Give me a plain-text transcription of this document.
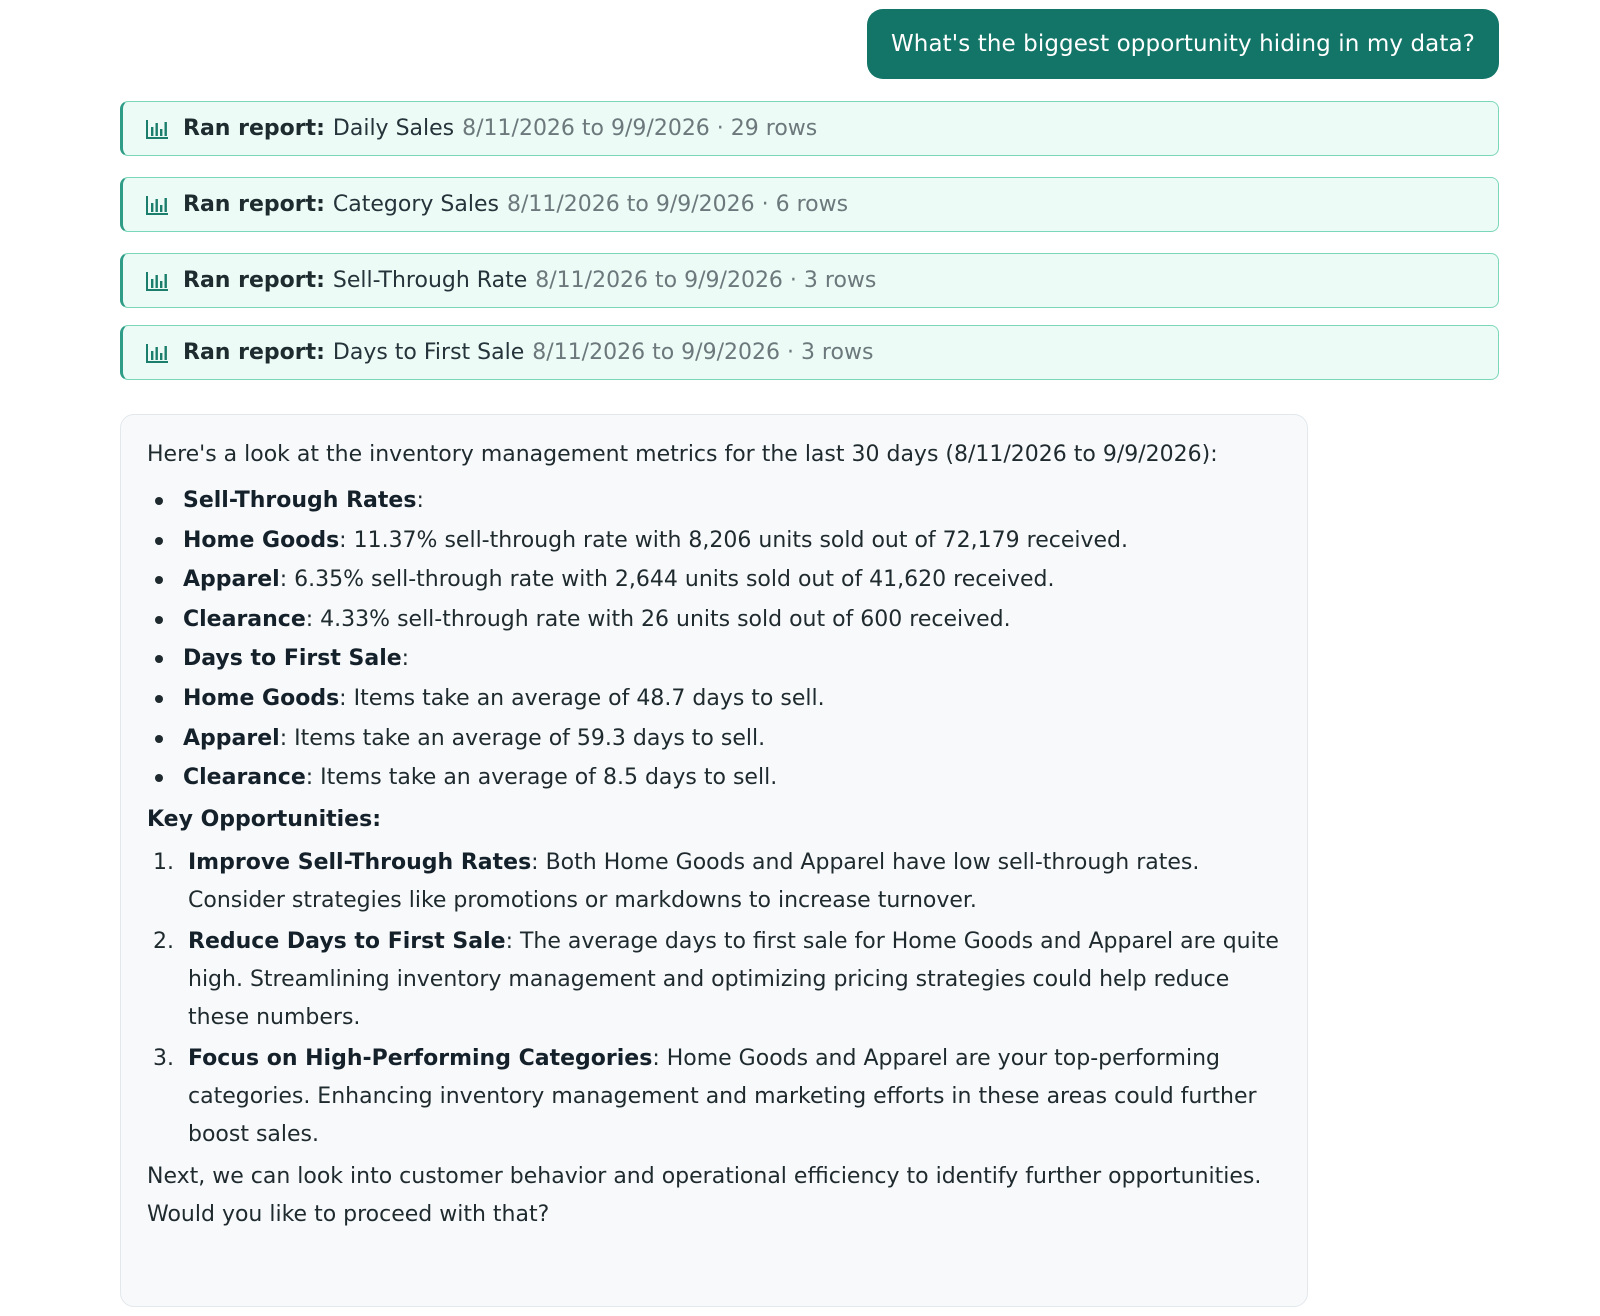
What's the biggest opportunity hiding in my data?
Ran report: Daily Sales 8/11/2026 to 9/9/2026 · 29 rows
Ran report: Category Sales 8/11/2026 to 9/9/2026 · 6 rows
Ran report: Sell-Through Rate 8/11/2026 to 9/9/2026 · 3 rows
Ran report: Days to First Sale 8/11/2026 to 9/9/2026 · 3 rows

Here's a look at the inventory management metrics for the last 30 days (8/11/2026 to 9/9/2026):

Sell-Through Rates:
Home Goods: 11.37% sell-through rate with 8,206 units sold out of 72,179 received.
Apparel: 6.35% sell-through rate with 2,644 units sold out of 41,620 received.
Clearance: 4.33% sell-through rate with 26 units sold out of 600 received.
Days to First Sale:
Home Goods: Items take an average of 48.7 days to sell.
Apparel: Items take an average of 59.3 days to sell.
Clearance: Items take an average of 8.5 days to sell.
Key Opportunities:
1. Improve Sell-Through Rates: Both Home Goods and Apparel have low sell-through rates. Consider strategies like promotions or markdowns to increase turnover.
2. Reduce Days to First Sale: The average days to first sale for Home Goods and Apparel are quite high. Streamlining inventory management and optimizing pricing strategies could help reduce these numbers.
3. Focus on High-Performing Categories: Home Goods and Apparel are your top-performing categories. Enhancing inventory management and marketing efforts in these areas could further boost sales.

Next, we can look into customer behavior and operational efficiency to identify further opportunities. Would you like to proceed with that?
